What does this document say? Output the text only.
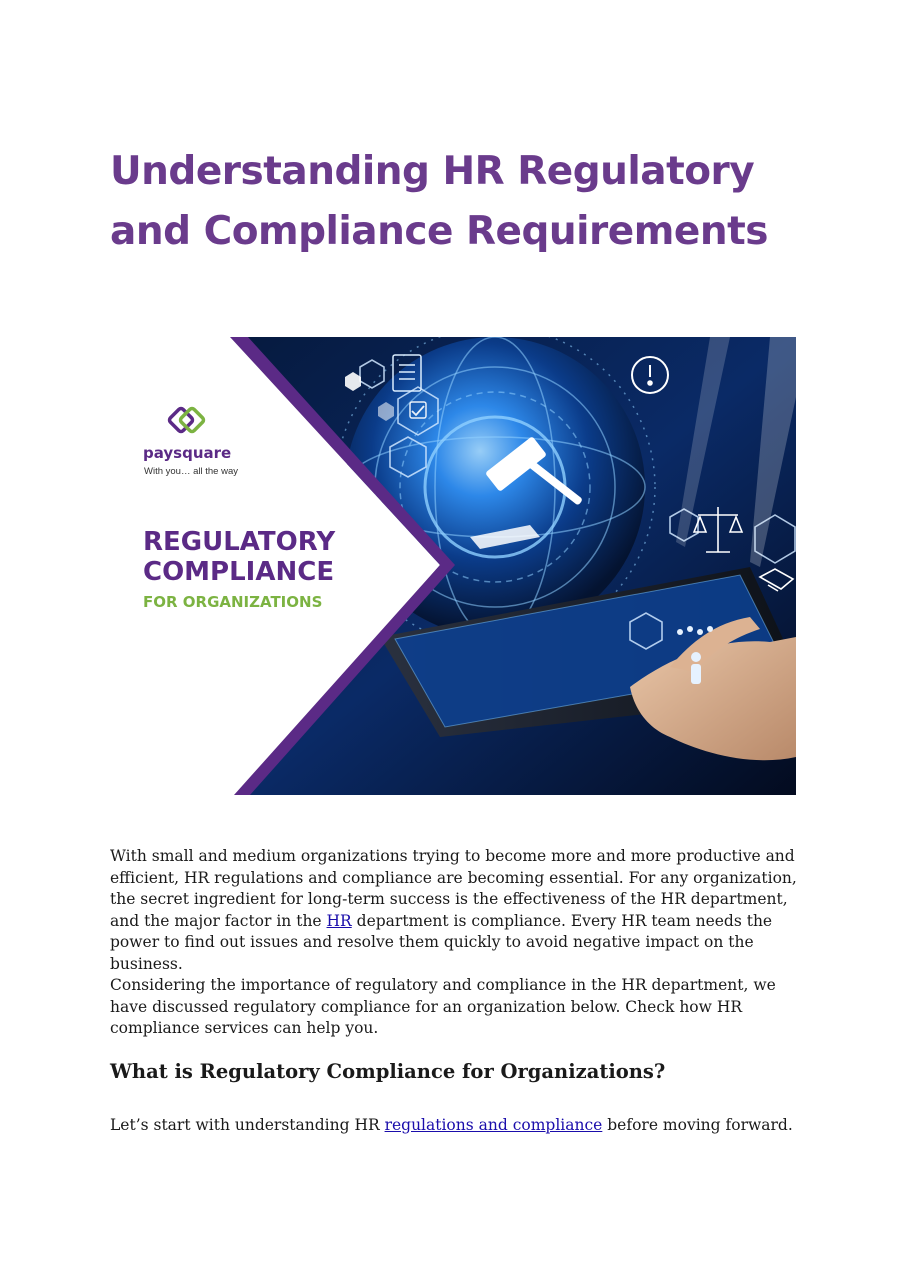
Understanding HR Regulatory
and Compliance Requirements
paysquare
With you… all the way
REGULATORY
COMPLIANCE
FOR ORGANIZATIONS

With small and medium organizations trying to become more and more productive and efficient, HR regulations and compliance are becoming essential. For any organization, the secret ingredient for long-term success is the effectiveness of the HR department, and the major factor in the HR department is compliance. Every HR team needs the power to find out issues and resolve them quickly to avoid negative impact on the business.

Considering the importance of regulatory and compliance in the HR department, we have discussed regulatory compliance for an organization below. Check how HR compliance services can help you.

What is Regulatory Compliance for Organizations?

Let’s start with understanding HR regulations and compliance before moving forward.
